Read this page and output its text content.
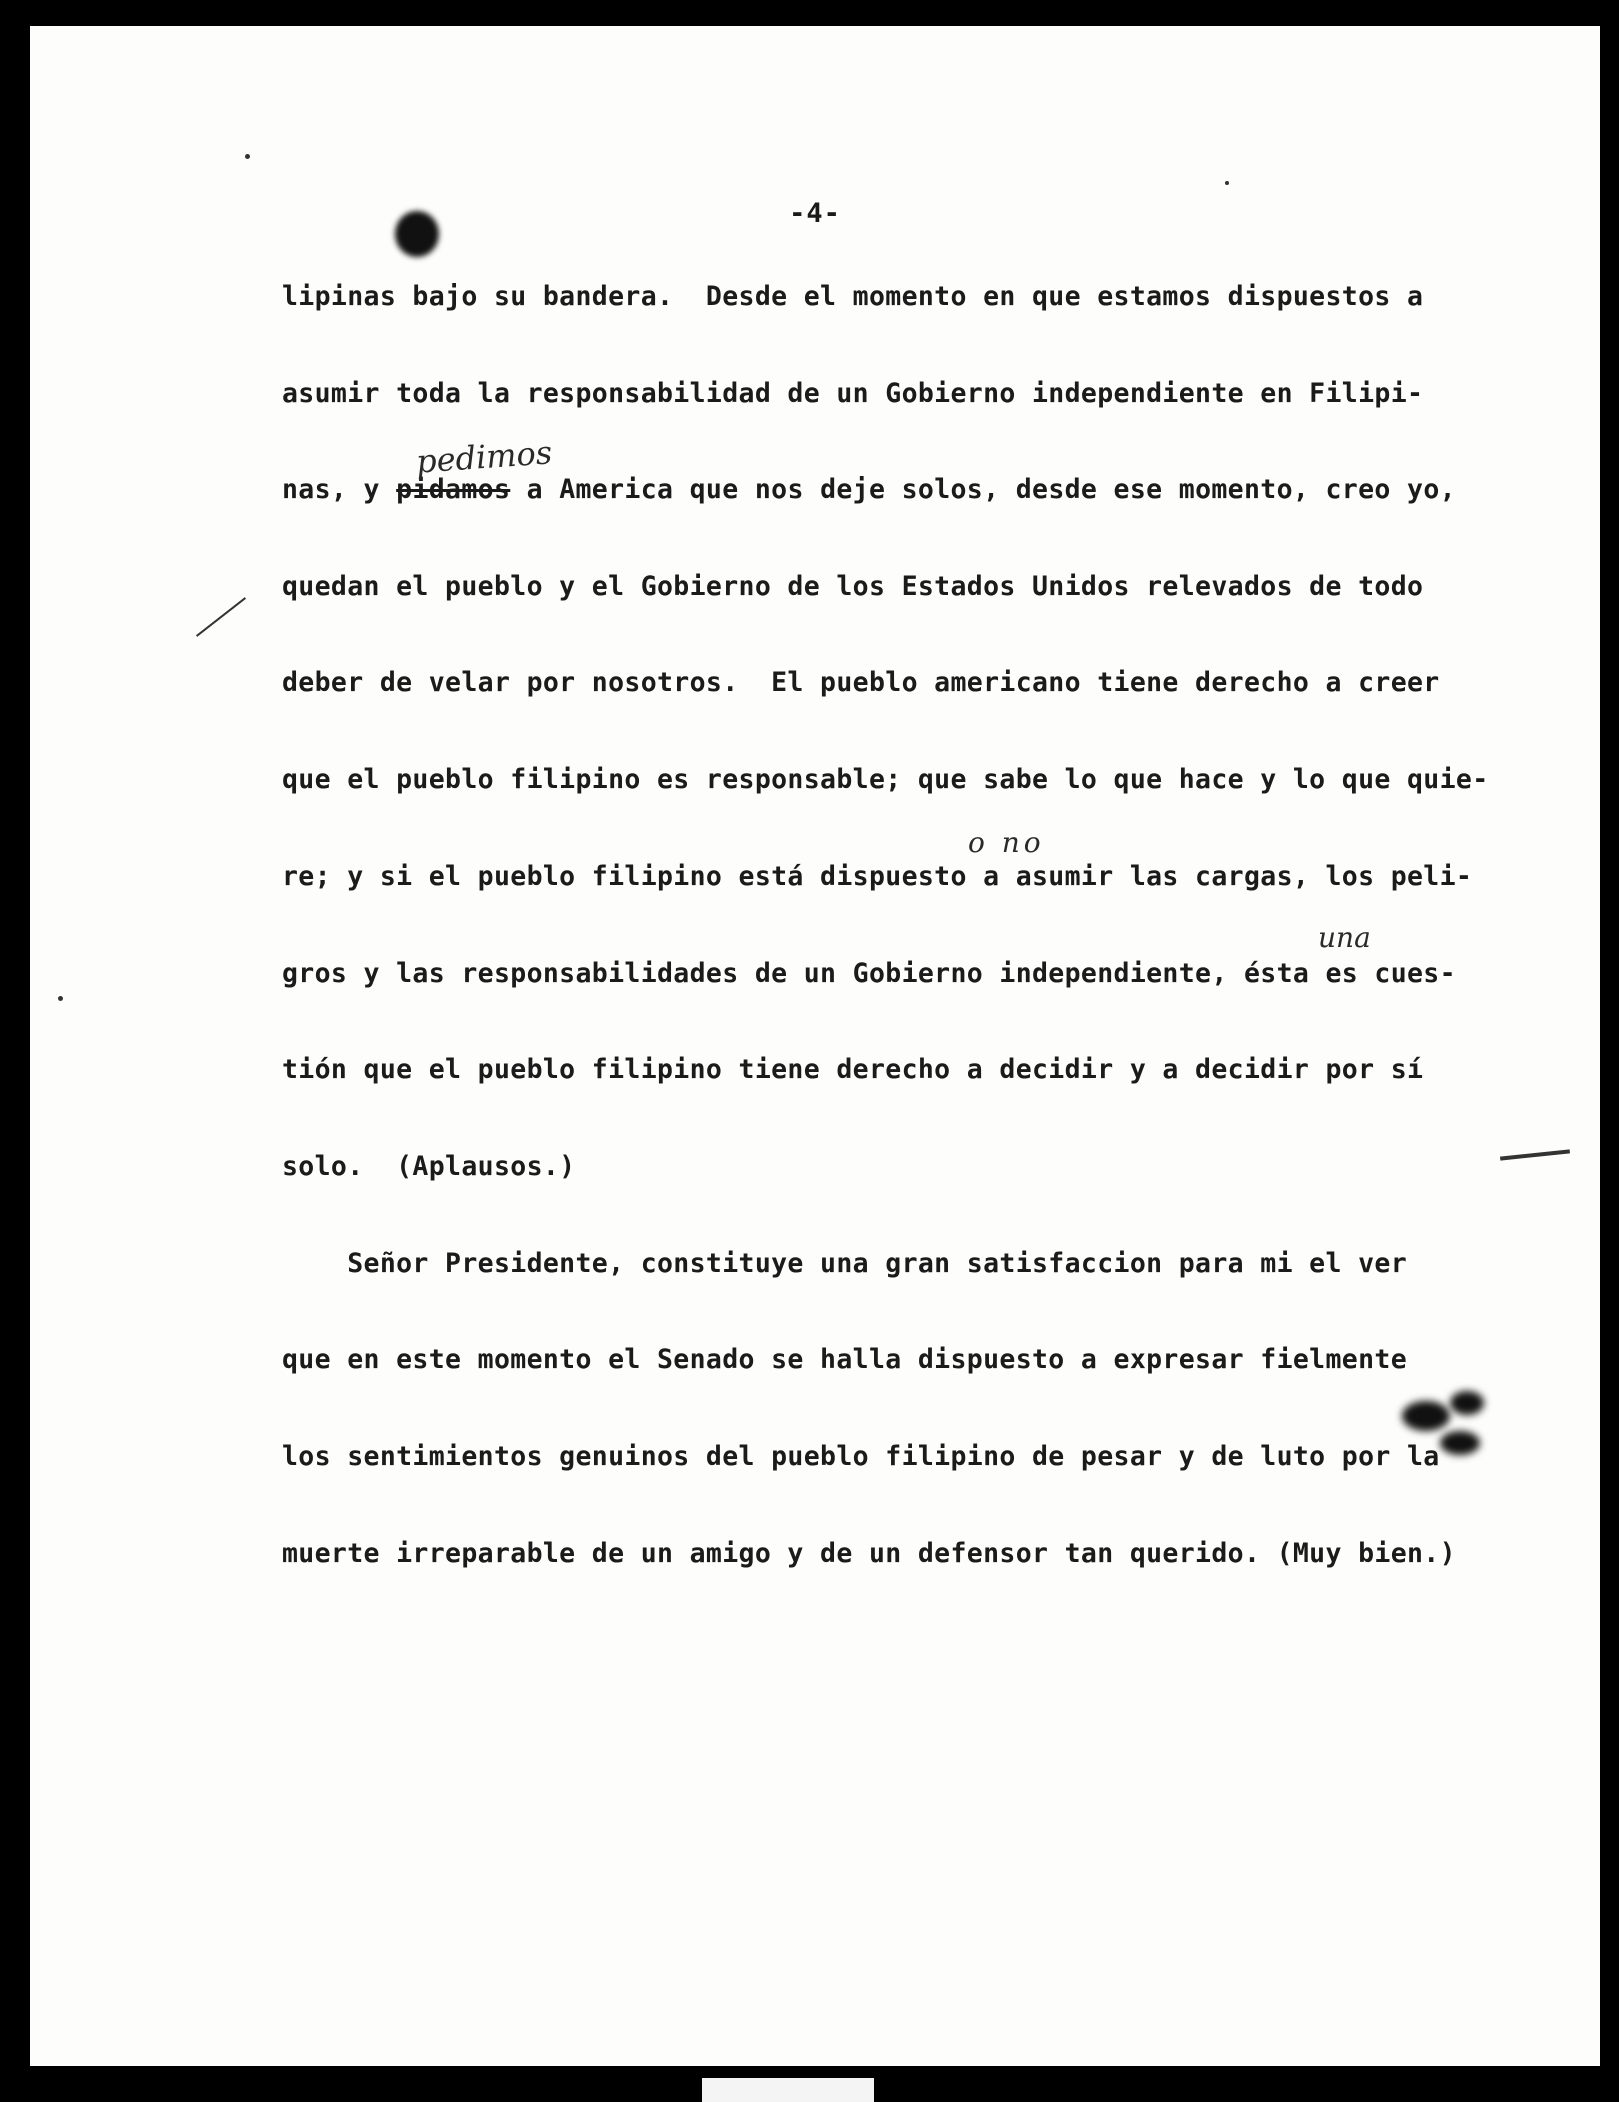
-4-
lipinas bajo su bandera.  Desde el momento en que estamos dispuestos a
asumir toda la responsabilidad de un Gobierno independiente en Filipi-
nas, y pidamos a America que nos deje solos, desde ese momento, creo yo,
pedimos
quedan el pueblo y el Gobierno de los Estados Unidos relevados de todo
deber de velar por nosotros.  El pueblo americano tiene derecho a creer
que el pueblo filipino es responsable; que sabe lo que hace y lo que quie-
re; y si el pueblo filipino está dispuesto a asumir las cargas, los peli-
o no
gros y las responsabilidades de un Gobierno independiente, ésta es cues-
una
tión que el pueblo filipino tiene derecho a decidir y a decidir por sí
solo.  (Aplausos.)
Señor Presidente, constituye una gran satisfaccion para mi el ver
que en este momento el Senado se halla dispuesto a expresar fielmente
los sentimientos genuinos del pueblo filipino de pesar y de luto por la
muerte irreparable de un amigo y de un defensor tan querido. (Muy bien.)
